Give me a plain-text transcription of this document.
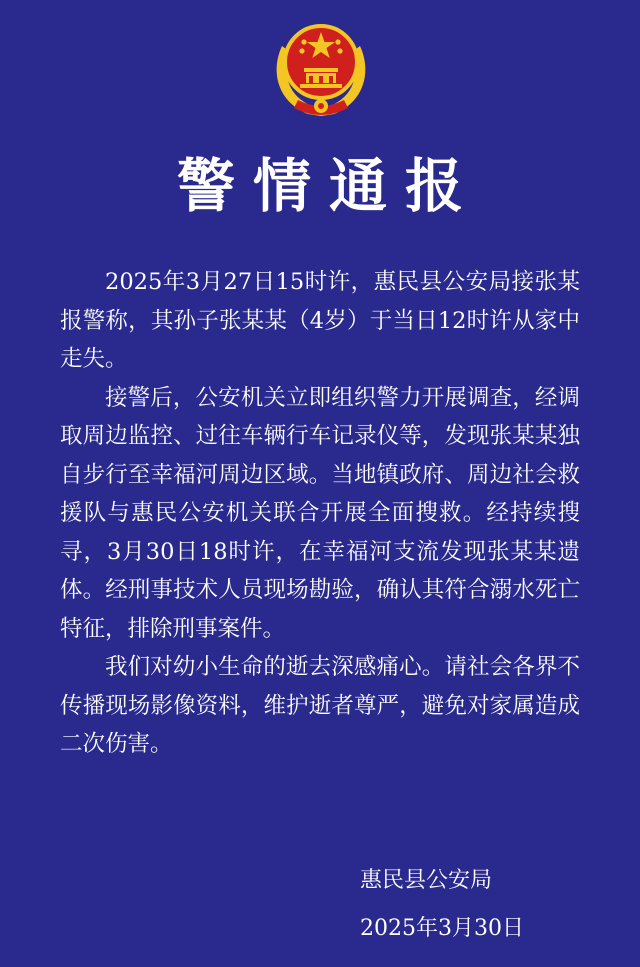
警情通报

2025年3月27日15时许，惠民县公安局接张某报警称，其孙子张某某（4岁）于当日12时许从家中走失。

接警后，公安机关立即组织警力开展调查，经调取周边监控、过往车辆行车记录仪等，发现张某某独自步行至幸福河周边区域。当地镇政府、周边社会救援队与惠民公安机关联合开展全面搜救。经持续搜寻，3月30日18时许，在幸福河支流发现张某某遗体。经刑事技术人员现场勘验，确认其符合溺水死亡特征，排除刑事案件。

我们对幼小生命的逝去深感痛心。请社会各界不传播现场影像资料，维护逝者尊严，避免对家属造成二次伤害。

惠民县公安局
2025年3月30日
